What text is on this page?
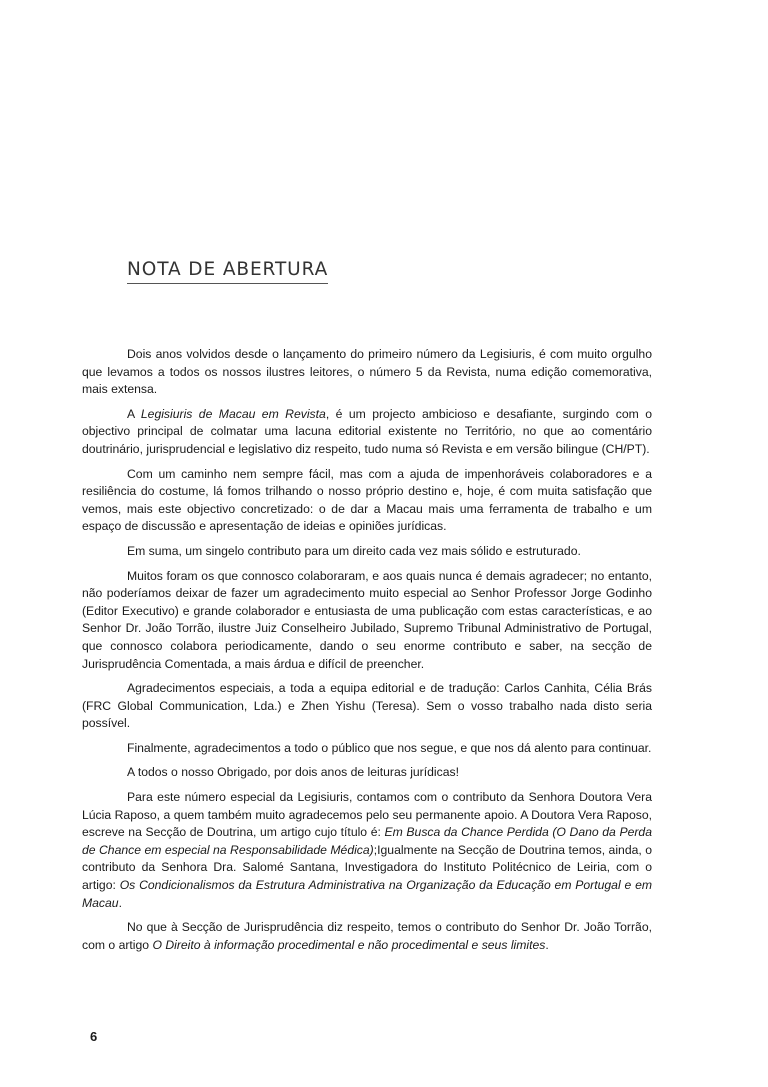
NOTA DE ABERTURA

Dois anos volvidos desde o lançamento do primeiro número da Legisiuris, é com muito orgulho que levamos a todos os nossos ilustres leitores, o número 5 da Revista, numa edição comemorativa, mais extensa.

A Legisiuris de Macau em Revista, é um projecto ambicioso e desafiante, surgindo com o objectivo principal de colmatar uma lacuna editorial existente no Território, no que ao comentário doutrinário, jurisprudencial e legislativo diz respeito, tudo numa só Revista e em versão bilingue (CH/PT).

Com um caminho nem sempre fácil, mas com a ajuda de impenhoráveis colaboradores e a resiliência do costume, lá fomos trilhando o nosso próprio destino e, hoje, é com muita satisfação que vemos, mais este objectivo concretizado: o de dar a Macau mais uma ferramenta de trabalho e um espaço de discussão e apresentação de ideias e opiniões jurídicas.

Em suma, um singelo contributo para um direito cada vez mais sólido e estruturado.

Muitos foram os que connosco colaboraram, e aos quais nunca é demais agradecer; no entanto, não poderíamos deixar de fazer um agradecimento muito especial ao Senhor Professor Jorge Godinho (Editor Executivo) e grande colaborador e entusiasta de uma publicação com estas características, e ao Senhor Dr. João Torrão, ilustre Juiz Conselheiro Jubilado, Supremo Tribunal Administrativo de Portugal, que connosco colabora periodicamente, dando o seu enorme contributo e saber, na secção de Jurisprudência Comentada, a mais árdua e difícil de preencher.

Agradecimentos especiais, a toda a equipa editorial e de tradução: Carlos Canhita, Célia Brás (FRC Global Communication, Lda.) e Zhen Yishu (Teresa). Sem o vosso trabalho nada disto seria possível.

Finalmente, agradecimentos a todo o público que nos segue, e que nos dá alento para continuar.

A todos o nosso Obrigado, por dois anos de leituras jurídicas!

Para este número especial da Legisiuris, contamos com o contributo da Senhora Doutora Vera Lúcia Raposo, a quem também muito agradecemos pelo seu permanente apoio. A Doutora Vera Raposo, escreve na Secção de Doutrina, um artigo cujo título é: Em Busca da Chance Perdida (O Dano da Perda de Chance em especial na Responsabilidade Médica);Igualmente na Secção de Doutrina temos, ainda, o contributo da Senhora Dra. Salomé Santana, Investigadora do Instituto Politécnico de Leiria, com o artigo: Os Condicionalismos da Estrutura Administrativa na Organização da Educação em Portugal e em Macau.

No que à Secção de Jurisprudência diz respeito, temos o contributo do Senhor Dr. João Torrão, com o artigo O Direito à informação procedimental e não procedimental e seus limites.

6
